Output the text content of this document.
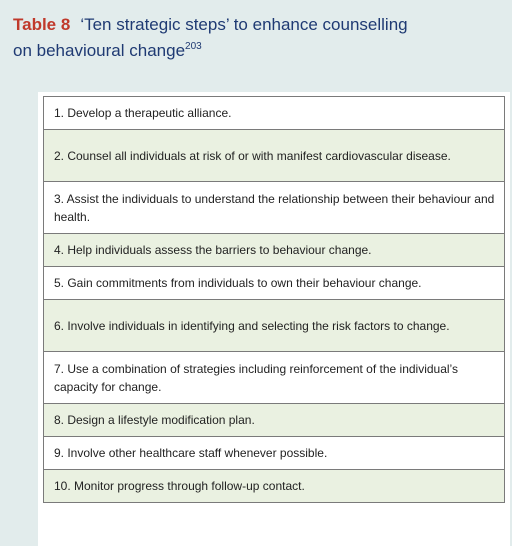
Table 8 ‘Ten strategic steps’ to enhance counselling
on behavioural change$^{203}$
1. Develop a therapeutic alliance.
2. Counsel all individuals at risk of or with manifest cardiovascular disease.
3. Assist the individuals to understand the relationship between their behaviour and health.
4. Help individuals assess the barriers to behaviour change.
5. Gain commitments from individuals to own their behaviour change.
6. Involve individuals in identifying and selecting the risk factors to change.
7. Use a combination of strategies including reinforcement of the individual’s capacity for change.
8. Design a lifestyle modification plan.
9. Involve other healthcare staff whenever possible.
10. Monitor progress through follow-up contact.
